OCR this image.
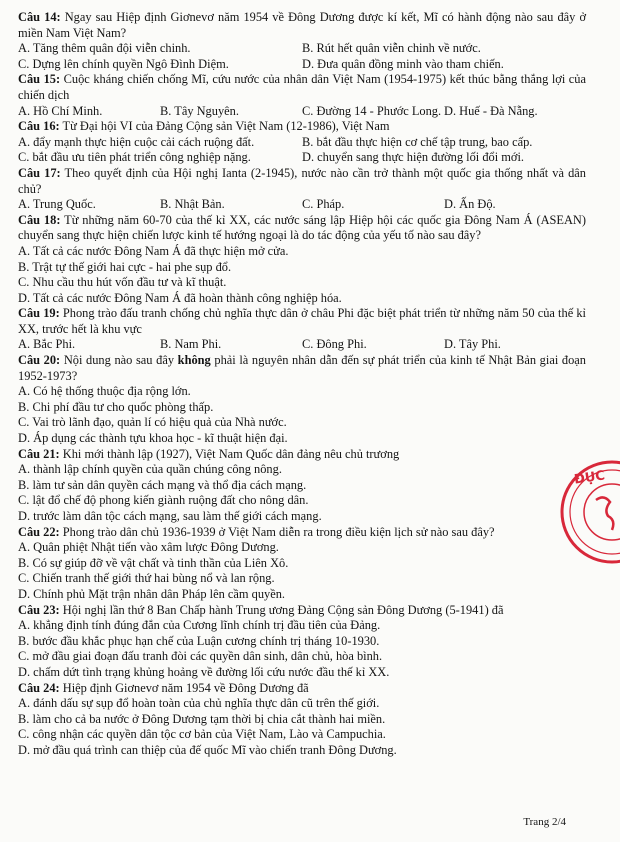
Câu 14: Ngay sau Hiệp định Giơnevơ năm 1954 về Đông Dương được kí kết, Mĩ có hành động nào sau đây ở miền Nam Việt Nam?
A. Tăng thêm quân đội viễn chinh.	B. Rút hết quân viễn chinh về nước.
C. Dựng lên chính quyền Ngô Đình Diệm.	D. Đưa quân đồng minh vào tham chiến.
Câu 15: Cuộc kháng chiến chống Mĩ, cứu nước của nhân dân Việt Nam (1954-1975) kết thúc bằng thắng lợi của chiến dịch
A. Hồ Chí Minh.	B. Tây Nguyên.	C. Đường 14 - Phước Long. D. Huế - Đà Nẵng.
Câu 16: Từ Đại hội VI của Đảng Cộng sản Việt Nam (12-1986), Việt Nam
A. đẩy mạnh thực hiện cuộc cải cách ruộng đất.	B. bắt đầu thực hiện cơ chế tập trung, bao cấp.
C. bắt đầu ưu tiên phát triển công nghiệp nặng.	D. chuyển sang thực hiện đường lối đổi mới.
Câu 17: Theo quyết định của Hội nghị Ianta (2-1945), nước nào cần trở thành một quốc gia thống nhất và dân chủ?
A. Trung Quốc.	B. Nhật Bản.	C. Pháp.	D. Ấn Độ.
Câu 18: Từ những năm 60-70 của thế kỉ XX, các nước sáng lập Hiệp hội các quốc gia Đông Nam Á (ASEAN) chuyển sang thực hiện chiến lược kinh tế hướng ngoại là do tác động của yếu tố nào sau đây?
A. Tất cả các nước Đông Nam Á đã thực hiện mở cửa.
B. Trật tự thế giới hai cực - hai phe sụp đổ.
C. Nhu cầu thu hút vốn đầu tư và kĩ thuật.
D. Tất cả các nước Đông Nam Á đã hoàn thành công nghiệp hóa.
Câu 19: Phong trào đấu tranh chống chủ nghĩa thực dân ở châu Phi đặc biệt phát triển từ những năm 50 của thế kỉ XX, trước hết là khu vực
A. Bắc Phi.	B. Nam Phi.	C. Đông Phi.	D. Tây Phi.
Câu 20: Nội dung nào sau đây không phải là nguyên nhân dẫn đến sự phát triển của kinh tế Nhật Bản giai đoạn 1952-1973?
A. Có hệ thống thuộc địa rộng lớn.
B. Chi phí đầu tư cho quốc phòng thấp.
C. Vai trò lãnh đạo, quản lí có hiệu quả của Nhà nước.
D. Áp dụng các thành tựu khoa học - kĩ thuật hiện đại.
Câu 21: Khi mới thành lập (1927), Việt Nam Quốc dân đảng nêu chủ trương
A. thành lập chính quyền của quần chúng công nông.
B. làm tư sản dân quyền cách mạng và thổ địa cách mạng.
C. lật đổ chế độ phong kiến giành ruộng đất cho nông dân.
D. trước làm dân tộc cách mạng, sau làm thế giới cách mạng.
Câu 22: Phong trào dân chủ 1936-1939 ở Việt Nam diễn ra trong điều kiện lịch sử nào sau đây?
A. Quân phiệt Nhật tiến vào xâm lược Đông Dương.
B. Có sự giúp đỡ về vật chất và tinh thần của Liên Xô.
C. Chiến tranh thế giới thứ hai bùng nổ và lan rộng.
D. Chính phủ Mặt trận nhân dân Pháp lên cầm quyền.
Câu 23: Hội nghị lần thứ 8 Ban Chấp hành Trung ương Đảng Cộng sản Đông Dương (5-1941) đã
A. khẳng định tính đúng đắn của Cương lĩnh chính trị đầu tiên của Đảng.
B. bước đầu khắc phục hạn chế của Luận cương chính trị tháng 10-1930.
C. mở đầu giai đoạn đấu tranh đòi các quyền dân sinh, dân chủ, hòa bình.
D. chấm dứt tình trạng khủng hoảng về đường lối cứu nước đầu thế kỉ XX.
Câu 24: Hiệp định Giơnevơ năm 1954 về Đông Dương đã
A. đánh dấu sự sụp đổ hoàn toàn của chủ nghĩa thực dân cũ trên thế giới.
B. làm cho cả ba nước ở Đông Dương tạm thời bị chia cắt thành hai miền.
C. công nhận các quyền dân tộc cơ bản của Việt Nam, Lào và Campuchia.
D. mở đầu quá trình can thiệp của đế quốc Mĩ vào chiến tranh Đông Dương.
ĐỤC
Trang 2/4
